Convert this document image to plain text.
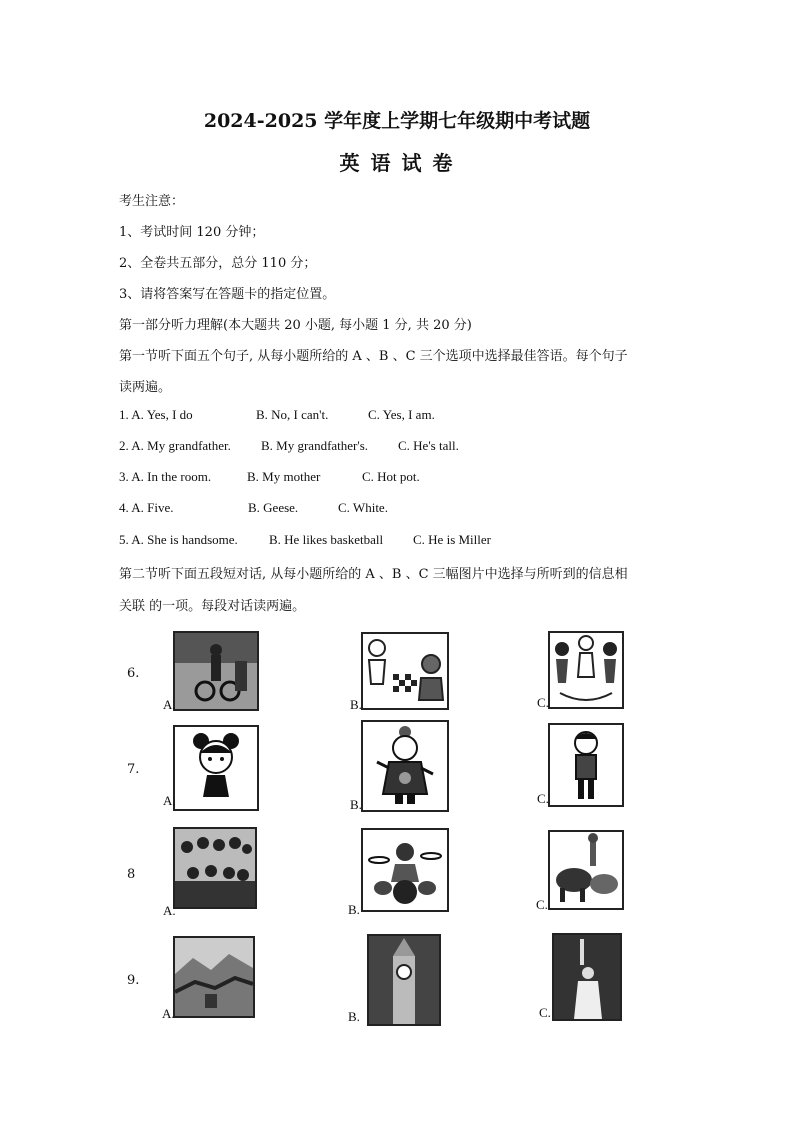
2024-2025 学年度上学期七年级期中考试题
英 语 试 卷
考生注意：
1、考试时间 120 分钟；
2、全卷共五部分，总分 110 分；
3、请将答案写在答题卡的指定位置。
第一部分听力理解(本大题共 20 小题, 每小题 1 分, 共 20 分)
第一节听下面五个句子, 从每小题所给的 A 、B 、C 三个选项中选择最佳答语。每个句子
读两遍。
1. A. Yes, I do	B. No, I can't.	C. Yes, I am.
2. A. My grandfather. B. My grandfather's. C. He's tall.
3. A. In the room.	B. My mother	C. Hot pot.
4. A. Five.	B. Geese.	C. White.
5. A. She is handsome. B. He likes basketball C. He is Miller
第二节听下面五段短对话, 从每小题所给的 A 、B 、C 三幅图片中选择与所听到的信息相
关联 的一项。每段对话读两遍。
6.
A.	B.	C.
7.
A.	B.	C.
8
A.	B.	C.
9.
A.	B.	C.
